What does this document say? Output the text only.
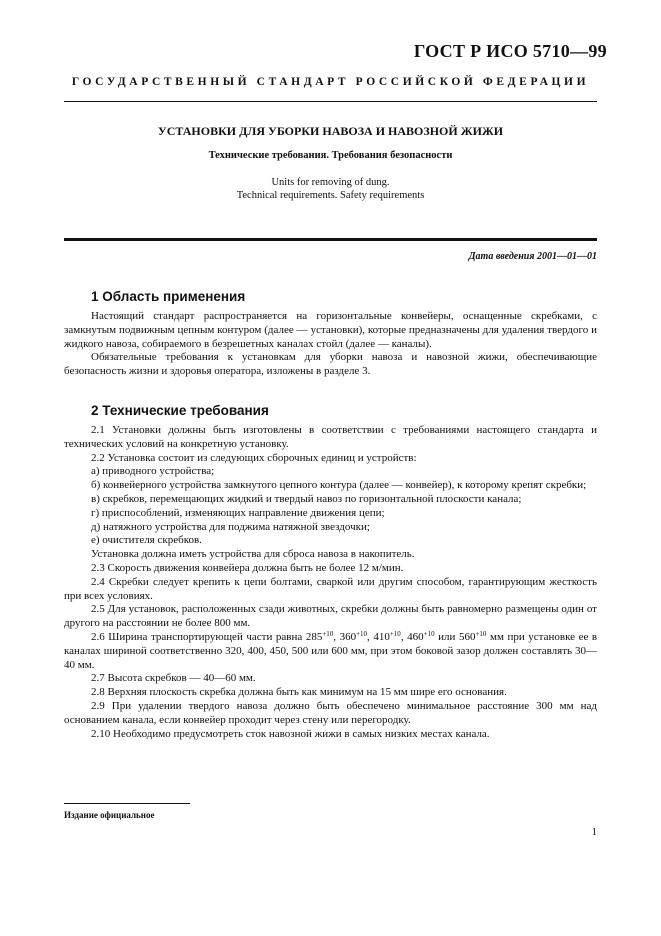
ГОСТ Р ИСО 5710—99
ГОСУДАРСТВЕННЫЙ СТАНДАРТ РОССИЙСКОЙ ФЕДЕРАЦИИ
УСТАНОВКИ ДЛЯ УБОРКИ НАВОЗА И НАВОЗНОЙ ЖИЖИ
Технические требования. Требования безопасности
Units for removing of dung.
Technical requirements. Safety requirements
Дата введения 2001—01—01
1 Область применения

Настоящий стандарт распространяется на горизонтальные конвейеры, оснащенные скребками, с замкнутым подвижным цепным контуром (далее — установки), которые предназначены для удаления твердого и жидкого навоза, собираемого в безрешетных каналах стойл (далее — каналы).

Обязательные требования к установкам для уборки навоза и навозной жижи, обеспечивающие безопасность жизни и здоровья оператора, изложены в разделе 3.

2 Технические требования

2.1 Установки должны быть изготовлены в соответствии с требованиями настоящего стандарта и технических условий на конкретную установку.

2.2 Установка состоит из следующих сборочных единиц и устройств:

а) приводного устройства;

б) конвейерного устройства замкнутого цепного контура (далее — конвейер), к которому крепят скребки;

в) скребков, перемещающих жидкий и твердый навоз по горизонтальной плоскости канала;

г) приспособлений, изменяющих направление движения цепи;

д) натяжного устройства для поджима натяжной звездочки;

е) очистителя скребков.

Установка должна иметь устройства для сброса навоза в накопитель.

2.3 Скорость движения конвейера должна быть не более 12 м/мин.

2.4 Скребки следует крепить к цепи болтами, сваркой или другим способом, гарантирующим жесткость при всех условиях.

2.5 Для установок, расположенных сзади животных, скребки должны быть равномерно размещены один от другого на расстоянии не более 800 мм.

2.6 Ширина транспортирующей части равна $285^{+10}$, $360^{+10}$, $410^{+10}$, $460^{+10}$ или $560^{+10}$ мм при установке ее в каналах шириной соответственно 320, 400, 450, 500 или 600 мм, при этом боковой зазор должен составлять 30—40 мм.

2.7 Высота скребков — 40—60 мм.

2.8 Верхняя плоскость скребка должна быть как минимум на 15 мм шире его основания.

2.9 При удалении твердого навоза должно быть обеспечено минимальное расстояние 300 мм над основанием канала, если конвейер проходит через стену или перегородку.

2.10 Необходимо предусмотреть сток навозной жижи в самых низких местах канала.

Издание официальное
1
